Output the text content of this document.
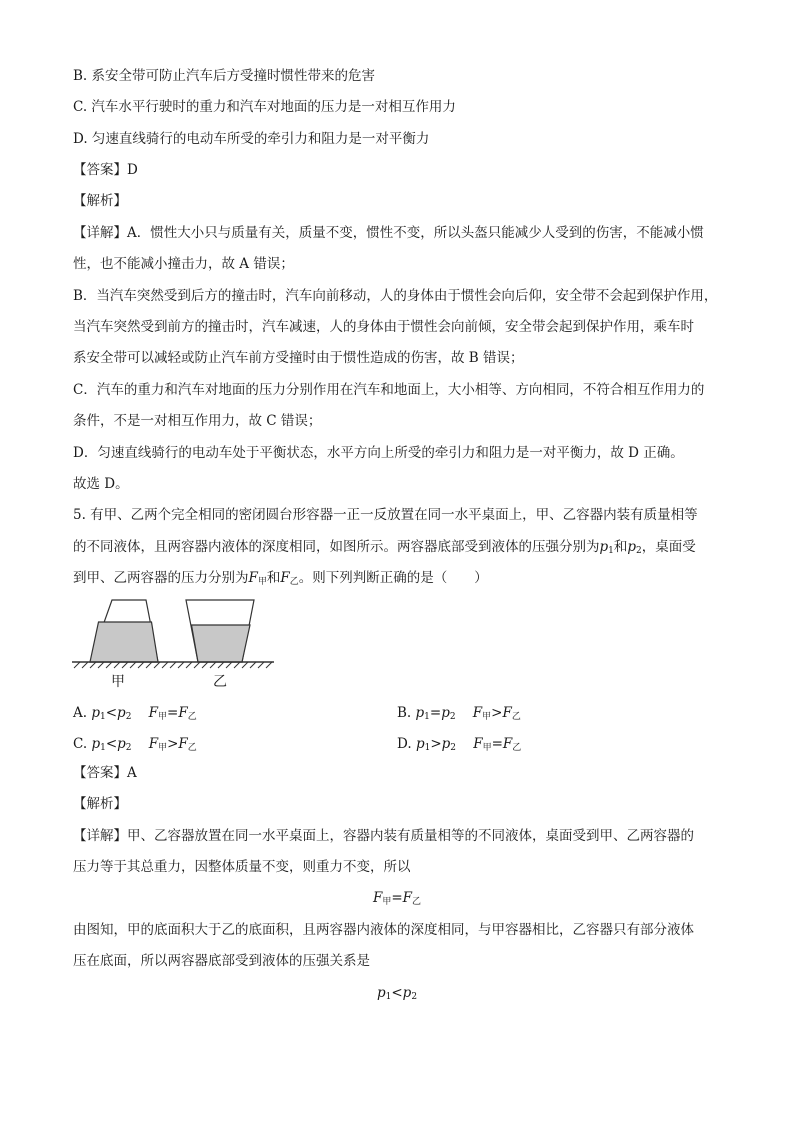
B. 系安全带可防止汽车后方受撞时惯性带来的危害
C. 汽车水平行驶时的重力和汽车对地面的压力是一对相互作用力
D. 匀速直线骑行的电动车所受的牵引力和阻力是一对平衡力
【答案】D
【解析】
【详解】A．惯性大小只与质量有关，质量不变，惯性不变，所以头盔只能减少人受到的伤害，不能减小惯
性，也不能减小撞击力，故 A 错误；
B．当汽车突然受到后方的撞击时，汽车向前移动，人的身体由于惯性会向后仰，安全带不会起到保护作用，
当汽车突然受到前方的撞击时，汽车减速，人的身体由于惯性会向前倾，安全带会起到保护作用，乘车时
系安全带可以减轻或防止汽车前方受撞时由于惯性造成的伤害，故 B 错误；
C．汽车的重力和汽车对地面的压力分别作用在汽车和地面上，大小相等、方向相同，不符合相互作用力的
条件，不是一对相互作用力，故 C 错误；
D．匀速直线骑行的电动车处于平衡状态，水平方向上所受的牵引力和阻力是一对平衡力，故 D 正确。
故选 D。
5. 有甲、乙两个完全相同的密闭圆台形容器一正一反放置在同一水平桌面上，甲、乙容器内装有质量相等
的不同液体，且两容器内液体的深度相同，如图所示。两容器底部受到液体的压强分别为$p_1$和$p_2$，桌面受
到甲、乙两容器的压力分别为$F_甲$和$F_乙$。则下列判断正确的是（　　）
甲	乙
A. $p_1<p_2$ $F_甲=F_乙$	B. $p_1=p_2$ $F_甲>F_乙$
C. $p_1<p_2$ $F_甲>F_乙$	D. $p_1>p_2$ $F_甲=F_乙$
【答案】A
【解析】
【详解】甲、乙容器放置在同一水平桌面上，容器内装有质量相等的不同液体，桌面受到甲、乙两容器的
压力等于其总重力，因整体质量不变，则重力不变，所以
$F_甲=F_乙$
由图知，甲的底面积大于乙的底面积，且两容器内液体的深度相同，与甲容器相比，乙容器只有部分液体
压在底面，所以两容器底部受到液体的压强关系是
$p_1<p_2$
